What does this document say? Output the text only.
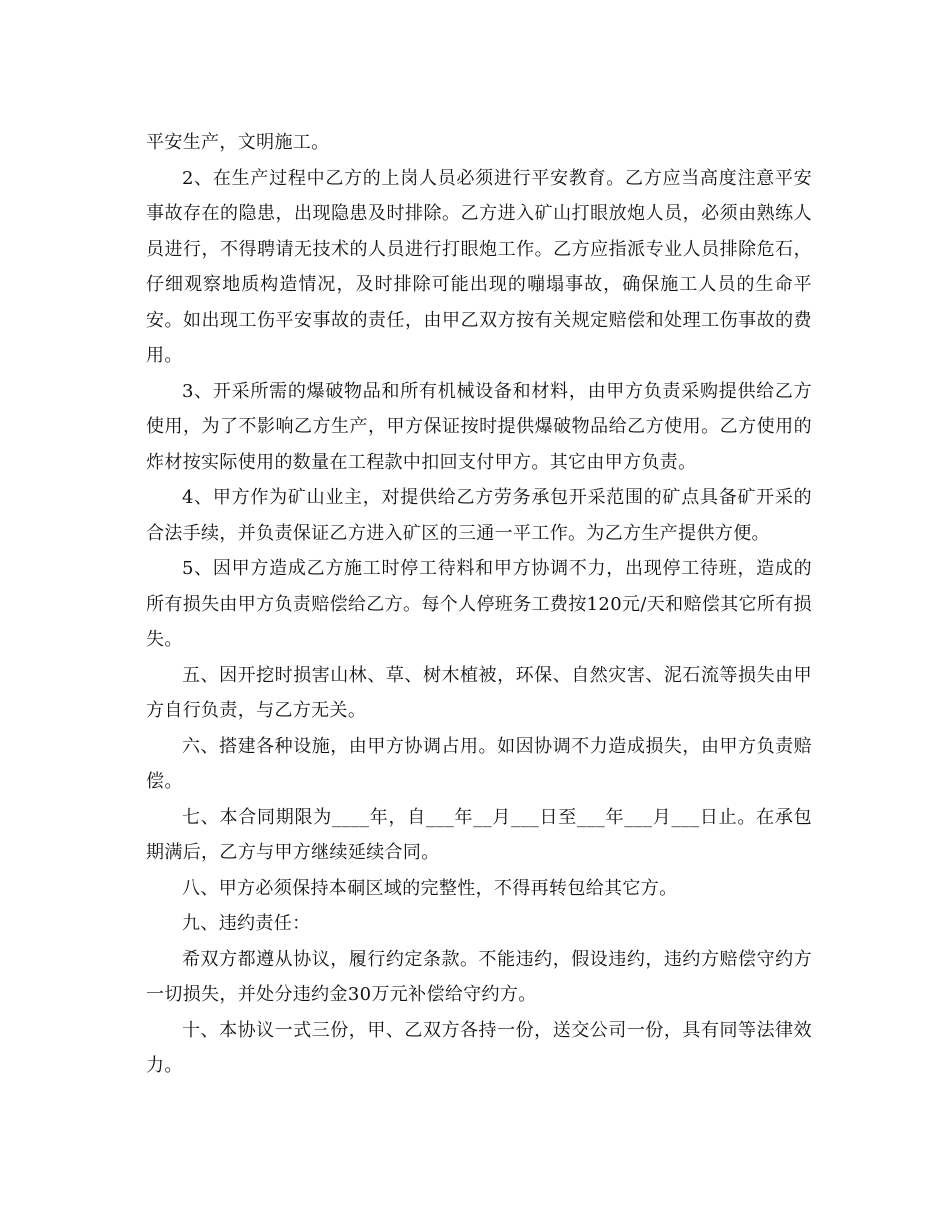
平安生产，文明施工。

2、在生产过程中乙方的上岗人员必须进行平安教育。乙方应当高度注意平安事故存在的隐患，出现隐患及时排除。乙方进入矿山打眼放炮人员，必须由熟练人员进行，不得聘请无技术的人员进行打眼炮工作。乙方应指派专业人员排除危石，仔细观察地质构造情况，及时排除可能出现的嘣塌事故，确保施工人员的生命平安。如出现工伤平安事故的责任，由甲乙双方按有关规定赔偿和处理工伤事故的费用。

3、开采所需的爆破物品和所有机械设备和材料，由甲方负责采购提供给乙方使用，为了不影响乙方生产，甲方保证按时提供爆破物品给乙方使用。乙方使用的炸材按实际使用的数量在工程款中扣回支付甲方。其它由甲方负责。

4、甲方作为矿山业主，对提供给乙方劳务承包开采范围的矿点具备矿开采的合法手续，并负责保证乙方进入矿区的三通一平工作。为乙方生产提供方便。

5、因甲方造成乙方施工时停工待料和甲方协调不力，出现停工待班，造成的所有损失由甲方负责赔偿给乙方。每个人停班务工费按120元/天和赔偿其它所有损失。

五、因开挖时损害山林、草、树木植被，环保、自然灾害、泥石流等损失由甲方自行负责，与乙方无关。

六、搭建各种设施，由甲方协调占用。如因协调不力造成损失，由甲方负责赔偿。

七、本合同期限为____年，自___年__月___日至___年___月___日止。在承包期满后，乙方与甲方继续延续合同。

八、甲方必须保持本硐区域的完整性，不得再转包给其它方。

九、违约责任：

希双方都遵从协议，履行约定条款。不能违约，假设违约，违约方赔偿守约方一切损失，并处分违约金30万元补偿给守约方。

十、本协议一式三份，甲、乙双方各持一份，送交公司一份，具有同等法律效力。
